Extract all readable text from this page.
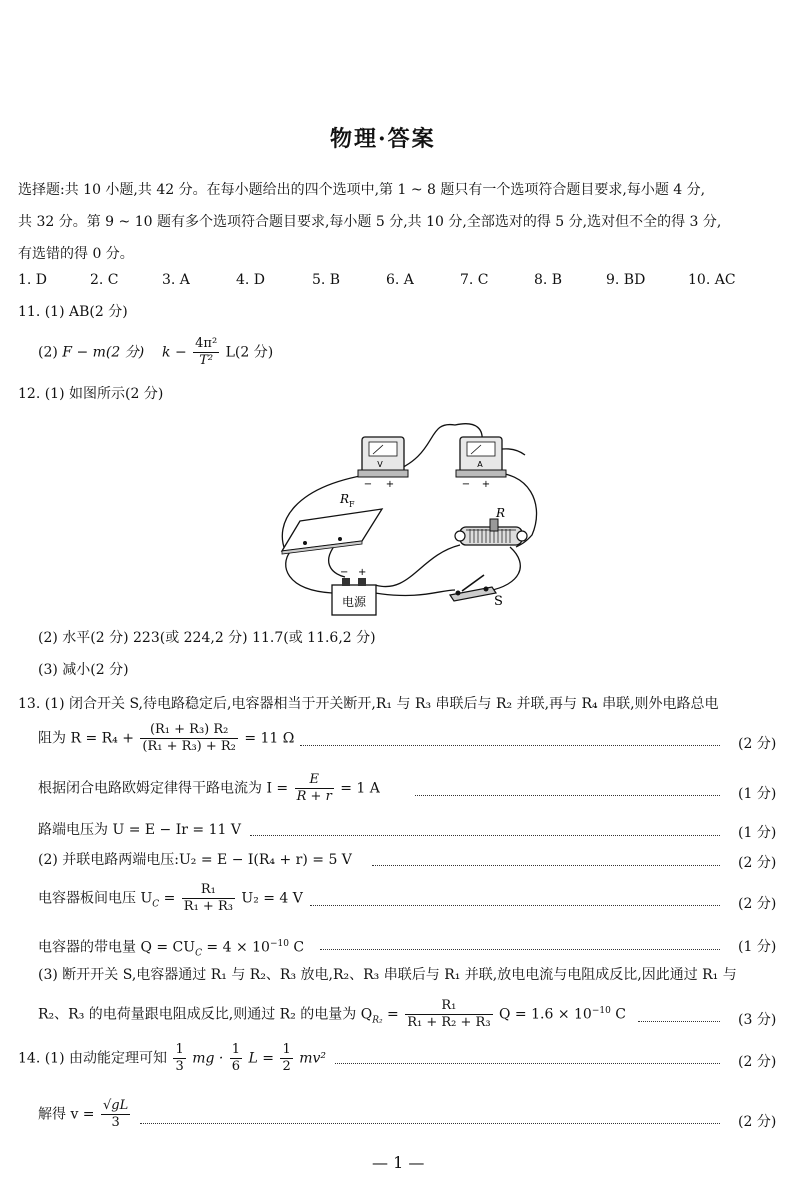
物理·答案
选择题:共 10 小题,共 42 分。在每小题给出的四个选项中,第 1 ~ 8 题只有一个选项符合题目要求,每小题 4 分,
共 32 分。第 9 ~ 10 题有多个选项符合题目要求,每小题 5 分,共 10 分,全部选对的得 5 分,选对但不全的得 3 分,
有选错的得 0 分。
1. D	2. C	3. A	4. D	5. B	6. A	7. C	8. B	9. BD	10. AC
11. (1) AB(2 分)
(2) F − m(2 分) $k - \frac{\text{4π²}}{\text{T²}} L(2$ 分)
12. (1) 如图所示(2 分)
V
− +
A
− +
R F
R
− +
电源	S
(2) 水平(2 分) 223(或 224,2 分) 11.7(或 11.6,2 分)
(3) 减小(2 分)
13. (1) 闭合开关 S,待电路稳定后,电容器相当于开关断开,R₁ 与 R₃ 串联后与 R₂ 并联,再与 R₄ 串联,则外电路总电
阻为 $R = R_4 + \frac{\text{(R₁ + R₃) R₂}}{\text{(R₁ + R₃) + R₂}} = 11$ Ω	(2 分)
根据闭合电路欧姆定律得干路电流为 $I = \frac{E}{R + r} = 1$ A	(1 分)
路端电压为 U = E − Ir = 11 V	(1 分)
(2) 并联电路两端电压:U₂ = E − I(R₄ + r) = 5 V	(2 分)
电容器板间电压 $U_C = \frac{\text{R₁}}{\text{R₁ + R₃}} U_2 = 4$ V	(2 分)
电容器的带电量 $Q = CU_C = 4 \times 10^{-10}$ C	(1 分)
(3) 断开开关 S,电容器通过 R₁ 与 R₂、R₃ 放电,R₂、R₃ 串联后与 R₁ 并联,放电电流与电阻成反比,因此通过 R₁ 与
R₂、R₃ 的电荷量跟电阻成反比,则通过 R₂ 的电量为 $Q_{R_2} = \frac{\text{R₁}}{\text{R₁ + R₂ + R₃}}$ $Q = 1.6 \times 10^{-10}$ C	(3 分)
14. (1) 由动能定理可知 $\frac{1}{3}$ mg · $\frac{1}{6}$ $L = \frac{1}{2} mv^2$	(2 分)
解得 $v = \frac{√gL}{3}$	(2 分)
— 1 —
